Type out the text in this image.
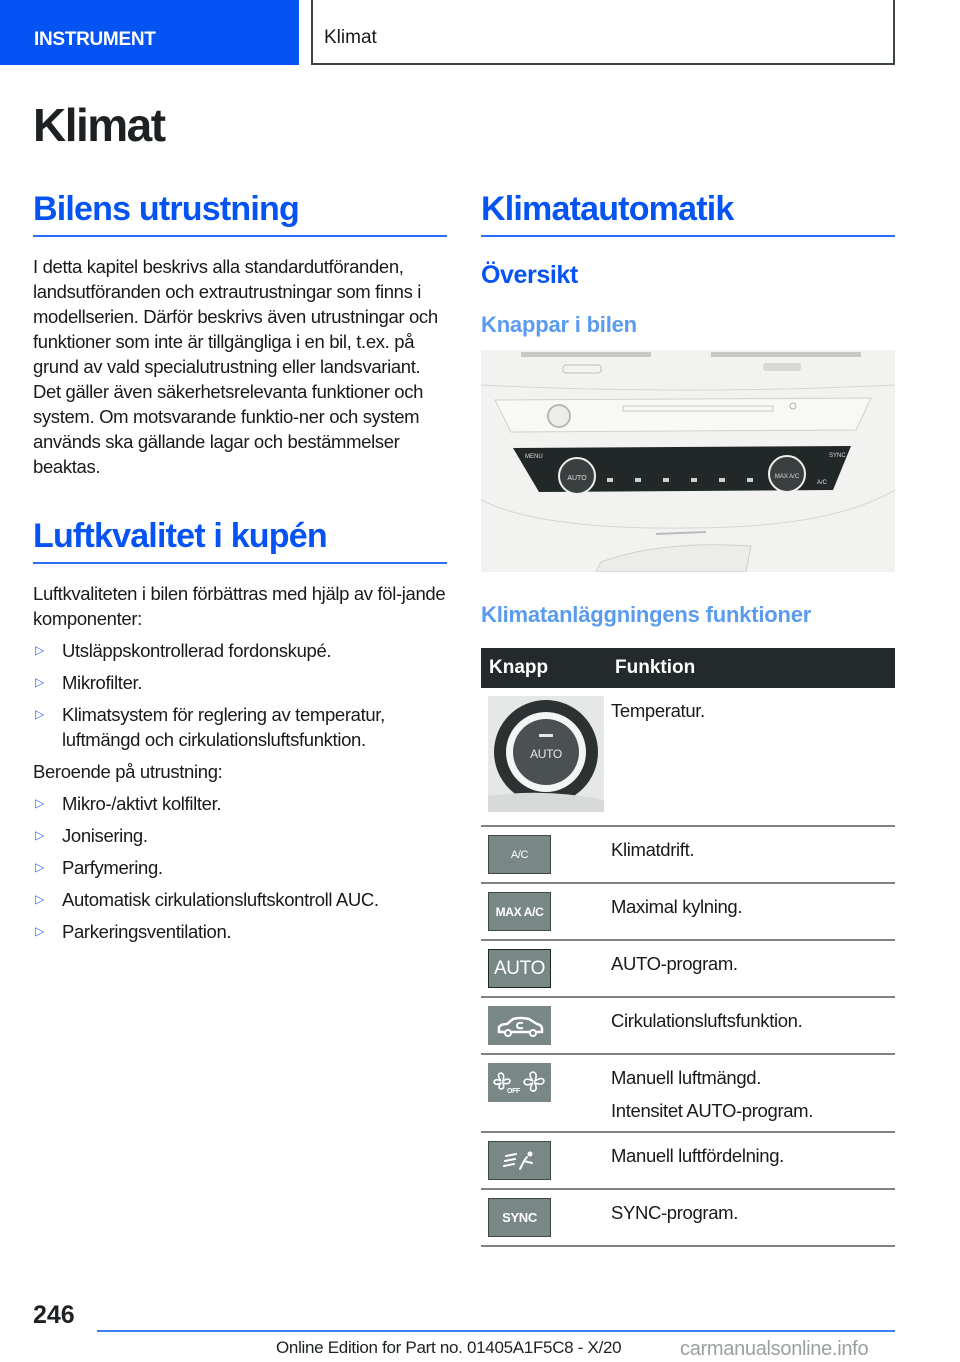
INSTRUMENT	Klimat
Klimat
Bilens utrustning

I detta kapitel beskrivs alla standardutföranden, landsutföranden och extrautrustningar som finns i modellserien. Därför beskrivs även utrustningar och funktioner som inte är tillgängliga i en bil, t.ex. på grund av vald specialutrustning eller landsvariant. Det gäller även säkerhetsrelevanta funktioner och system. Om motsvarande funktio-ner och system används ska gällande lagar och bestämmelser beaktas.

Luftkvalitet i kupén

Luftkvaliteten i bilen förbättras med hjälp av föl-jande komponenter:

▷ Utsläppskontrollerad fordonskupé.
▷ Mikrofilter.
▷ Klimatsystem för reglering av temperatur, luftmängd och cirkulationsluftsfunktion.

Beroende på utrustning:

▷ Mikro-/aktivt kolfilter.
▷ Jonisering.
▷ Parfymering.
▷ Automatisk cirkulationsluftskontroll AUC.
▷ Parkeringsventilation.
Klimatautomatik
Översikt
Knappar i bilen
AUTO	MAX A/C
MENU	SYNC
A/C
Klimatanläggningens funktioner
Knapp	Funktion

AUTO	Temperatur.

A/C	Klimatdrift.

MAX A/C	Maximal kylning.

AUTO	AUTO-program.

Cirkulationsluftsfunktion.

OFF	Manuell luftmängd.

Intensitet AUTO-program.

Manuell luftfördelning.

SYNC	SYNC-program.

246
Online Edition for Part no. 01405A1F5C8 - X/20	carmanualsonline.info
